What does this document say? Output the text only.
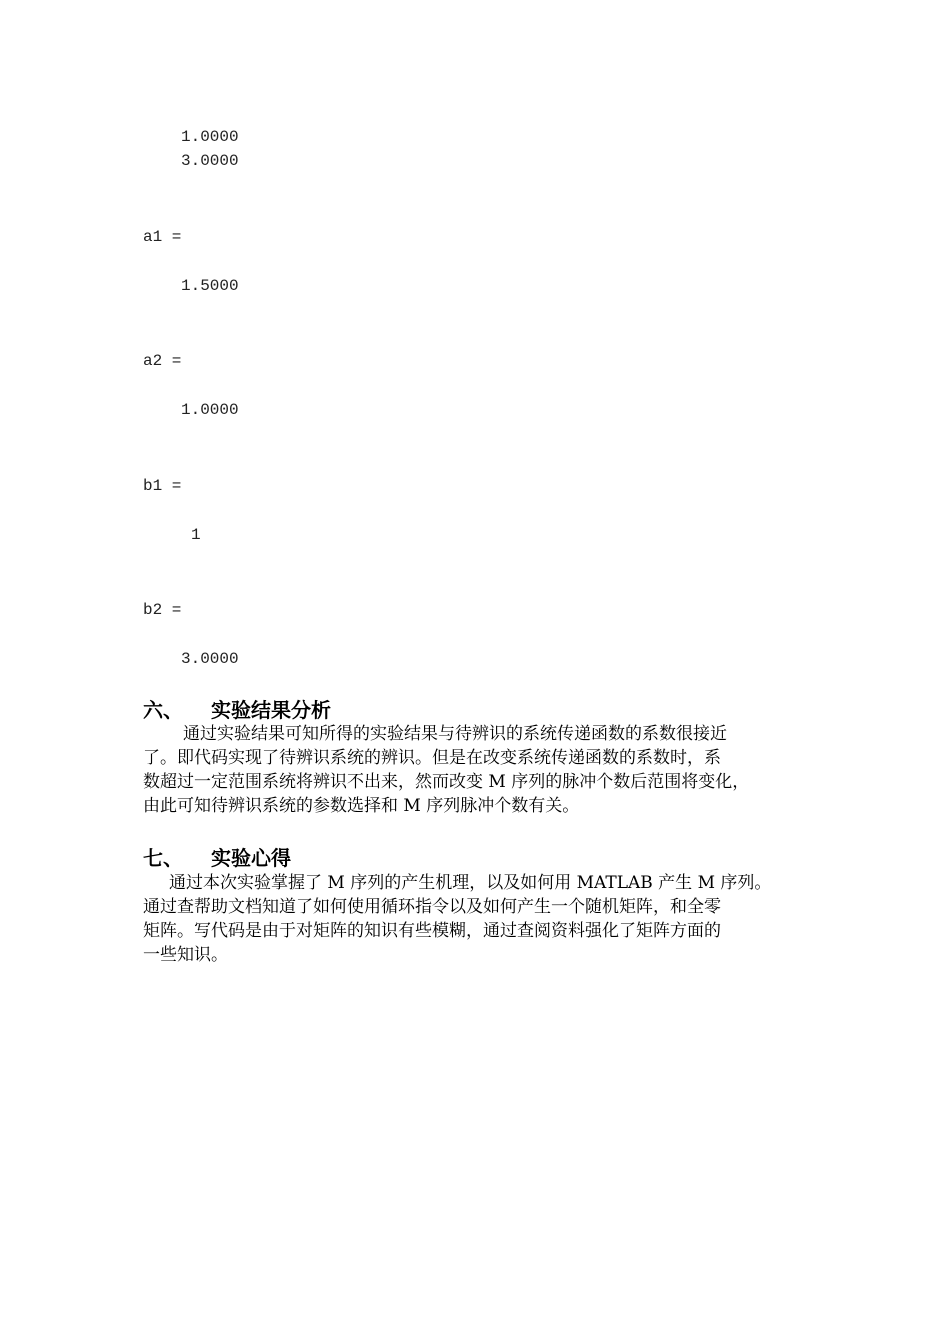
1.0000
3.0000
a1 =
1.5000
a2 =
1.0000
b1 =
1
b2 =
3.0000
六、 实验结果分析
通过实验结果可知所得的实验结果与待辨识的系统传递函数的系数很接近
了。即代码实现了待辨识系统的辨识。但是在改变系统传递函数的系数时，系
数超过一定范围系统将辨识不出来，然而改变 M 序列的脉冲个数后范围将变化，
由此可知待辨识系统的参数选择和 M 序列脉冲个数有关。
七、 实验心得
通过本次实验掌握了 M 序列的产生机理，以及如何用 MATLAB 产生 M 序列。
通过查帮助文档知道了如何使用循环指令以及如何产生一个随机矩阵，和全零
矩阵。写代码是由于对矩阵的知识有些模糊，通过查阅资料强化了矩阵方面的
一些知识。
